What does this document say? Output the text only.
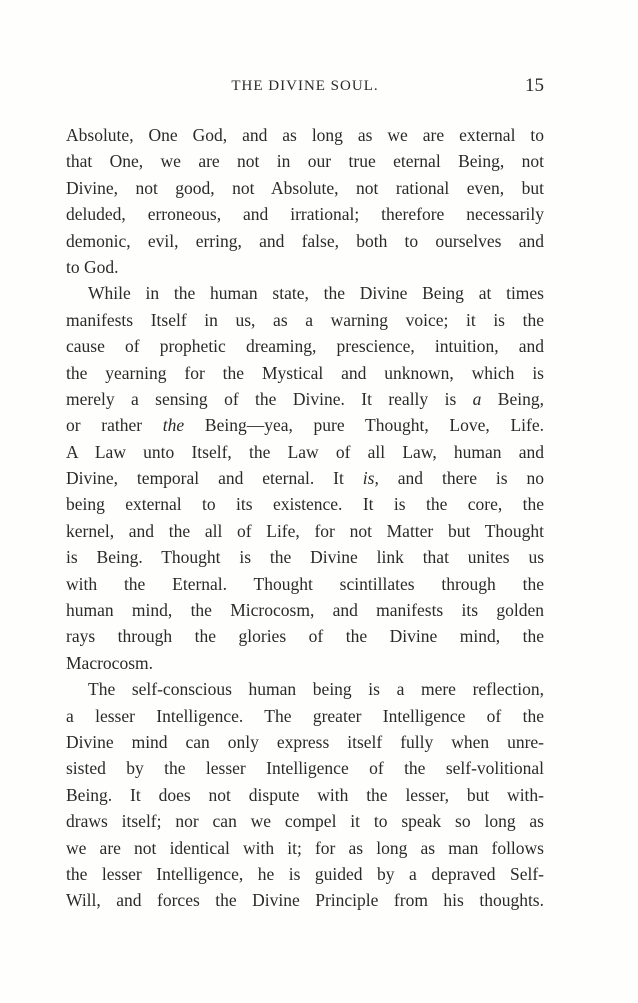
THE DIVINE SOUL.	15
Absolute, One God, and as long as we are external to
that One, we are not in our true eternal Being, not
Divine, not good, not Absolute, not rational even, but
deluded, erroneous, and irrational; therefore necessarily
demonic, evil, erring, and false, both to ourselves and
to God.
While in the human state, the Divine Being at times
manifests Itself in us, as a warning voice; it is the
cause of prophetic dreaming, prescience, intuition, and
the yearning for the Mystical and unknown, which is
merely a sensing of the Divine. It really is a Being,
or rather the Being—yea, pure Thought, Love, Life.
A Law unto Itself, the Law of all Law, human and
Divine, temporal and eternal. It is, and there is no
being external to its existence. It is the core, the
kernel, and the all of Life, for not Matter but Thought
is Being. Thought is the Divine link that unites us
with the Eternal. Thought scintillates through the
human mind, the Microcosm, and manifests its golden
rays through the glories of the Divine mind, the
Macrocosm.
The self-conscious human being is a mere reflection,
a lesser Intelligence. The greater Intelligence of the
Divine mind can only express itself fully when unre-
sisted by the lesser Intelligence of the self-volitional
Being. It does not dispute with the lesser, but with-
draws itself; nor can we compel it to speak so long as
we are not identical with it; for as long as man follows
the lesser Intelligence, he is guided by a depraved Self-
Will, and forces the Divine Principle from his thoughts.
